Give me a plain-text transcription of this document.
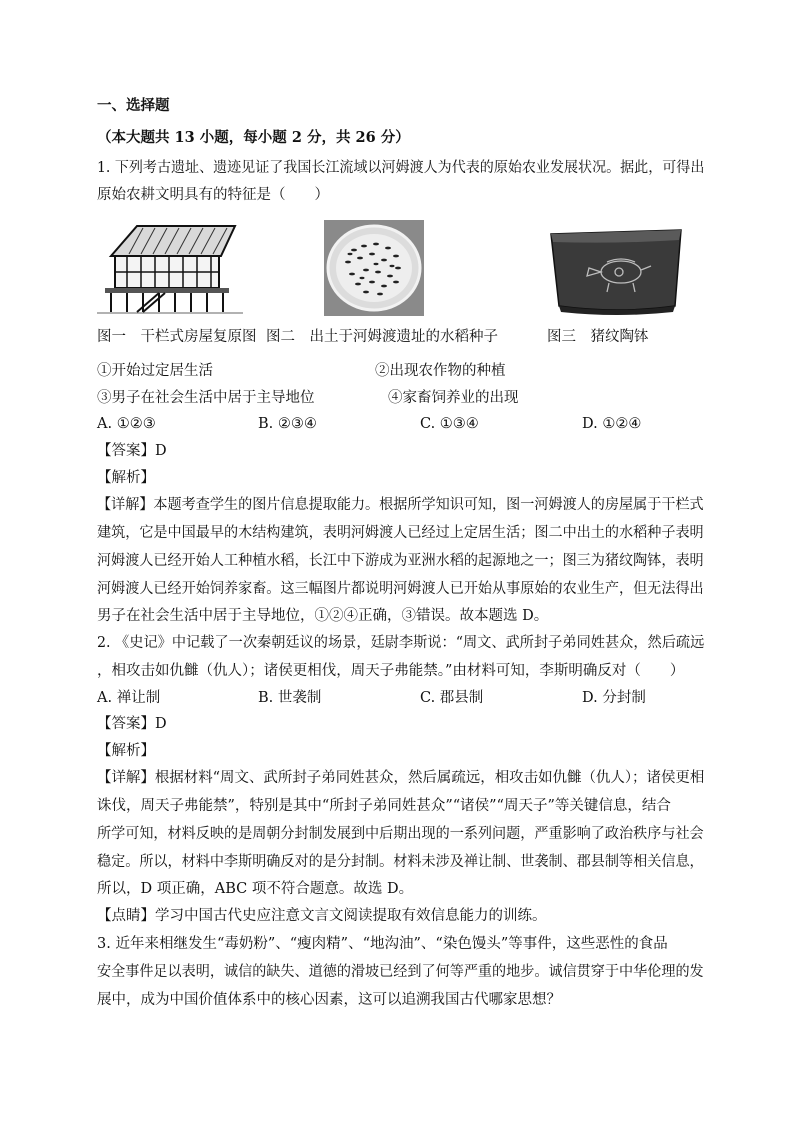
一、选择题
（本大题共 13 小题，每小题 2 分，共 26 分）
1. 下列考古遗址、遗迹见证了我国长江流域以河姆渡人为代表的原始农业发展状况。据此，可得出
原始农耕文明具有的特征是（　　）
图一　干栏式房屋复原图 图二　出土于河姆渡遗址的水稻种子	图三　猪纹陶钵
①开始过定居生活	②出现农作物的种植
③男子在社会生活中居于主导地位	④家畜饲养业的出现
A. ①②③	B. ②③④	C. ①③④	D. ①②④
【答案】D
【解析】
【详解】本题考查学生的图片信息提取能力。根据所学知识可知，图一河姆渡人的房屋属于干栏式
建筑，它是中国最早的木结构建筑，表明河姆渡人已经过上定居生活；图二中出土的水稻种子表明
河姆渡人已经开始人工种植水稻，长江中下游成为亚洲水稻的起源地之一；图三为猪纹陶钵，表明
河姆渡人已经开始饲养家畜。这三幅图片都说明河姆渡人已开始从事原始的农业生产，但无法得出
男子在社会生活中居于主导地位，①②④正确，③错误。故本题选 D。
2. 《史记》中记载了一次秦朝廷议的场景，廷尉李斯说：“周文、武所封子弟同姓甚众，然后疏远
，相攻击如仇雠（仇人）；诸侯更相伐，周天子弗能禁。”由材料可知，李斯明确反对（　　）
A. 禅让制	B. 世袭制	C. 郡县制	D. 分封制
【答案】D
【解析】
【详解】根据材料“周文、武所封子弟同姓甚众，然后属疏远，相攻击如仇雠（仇人）；诸侯更相
诛伐，周天子弗能禁”，特别是其中“所封子弟同姓甚众”“诸侯”“周天子”等关键信息，结合
所学可知，材料反映的是周朝分封制发展到中后期出现的一系列问题，严重影响了政治秩序与社会
稳定。所以，材料中李斯明确反对的是分封制。材料未涉及禅让制、世袭制、郡县制等相关信息，
所以，D 项正确，ABC 项不符合题意。故选 D。
【点睛】学习中国古代史应注意文言文阅读提取有效信息能力的训练。
3. 近年来相继发生“毒奶粉”、“瘦肉精”、“地沟油”、“染色馒头”等事件，这些恶性的食品
安全事件足以表明，诚信的缺失、道德的滑坡已经到了何等严重的地步。诚信贯穿于中华伦理的发
展中，成为中国价值体系中的核心因素，这可以追溯我国古代哪家思想？
